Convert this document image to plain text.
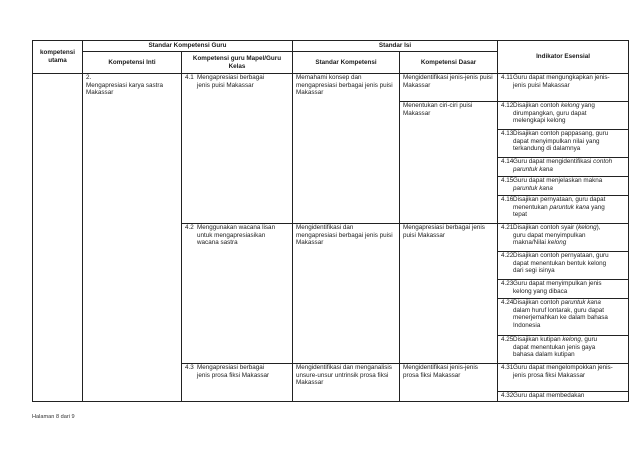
kompetensi utama	Standar Kompetensi Guru		Standar Isi		Indikator Esensial
	Kompetensi Inti	Kompetensi guru Mapel/Guru Kelas	Standar Kompetensi	Kompetensi Dasar	
	2.Mengapresiasi karya sastra Makassar	4.1 Mengapresiasi berbagai jenis puisi Makassar	Memahami konsep dan mengapresiasi berbagai jenis puisi Makassar	Mengidentifikasi jenis-jenis puisi Makassar	4.11Guru dapat mengungkapkan jenis-jenis puisi Makassar
				Menentukan ciri-ciri puisi Makassar	4.12Disajikan contoh kelong yang dirumpangkan, guru dapat melengkapi kelong
					4.13Disajikan contoh pappasang, guru dapat menyimpulkan nilai yang terkandung di dalamnya
					4.14Guru dapat mengidentifikasi contoh paruntuk kana
					4.15Guru dapat menjelaskan makna paruntuk kana
					4.16Disajikan pernyataan, guru dapat menentukan paruntuk kana yang tepat
		4.2 Menggunakan wacana lisan untuk mengapresiasikan wacana sastra	Mengidentifikasi dan mengapresiasi berbagai jenis puisi Makassar	Mengapresiasi berbagai jenis puisi Makassar	4.21Disajikan contoh syair (kelong), guru dapat menyimpulkan makna/Nilai kelong
					4.22Disajikan contoh pernyataan, guru dapat menentukan bentuk kelong dari segi isinya
					4.23Guru dapat menyimpulkan jenis kelong yang dibaca
					4.24Disajikan contoh paruntuk kana dalam huruf lontarak, guru dapat menerjemahkan ke dalam bahasa Indonesia
					4.25Disajikan kutipan kelong, guru dapat menentukan jenis gaya bahasa dalam kutipan
		4.3 Mengapresiasi berbagai jenis prosa fiksi Makassar	Mengidentifikasi dan menganalisis unsure-unsur untrinsik prosa fiksi Makassar	Mengidentifikasi jenis-jenis prosa fiksi Makassar	4.31Guru dapat mengelompokkan jenis-jenis prosa fiksi Makassar
					4.32Guru dapat membedakan
Halaman 8 dari 9
